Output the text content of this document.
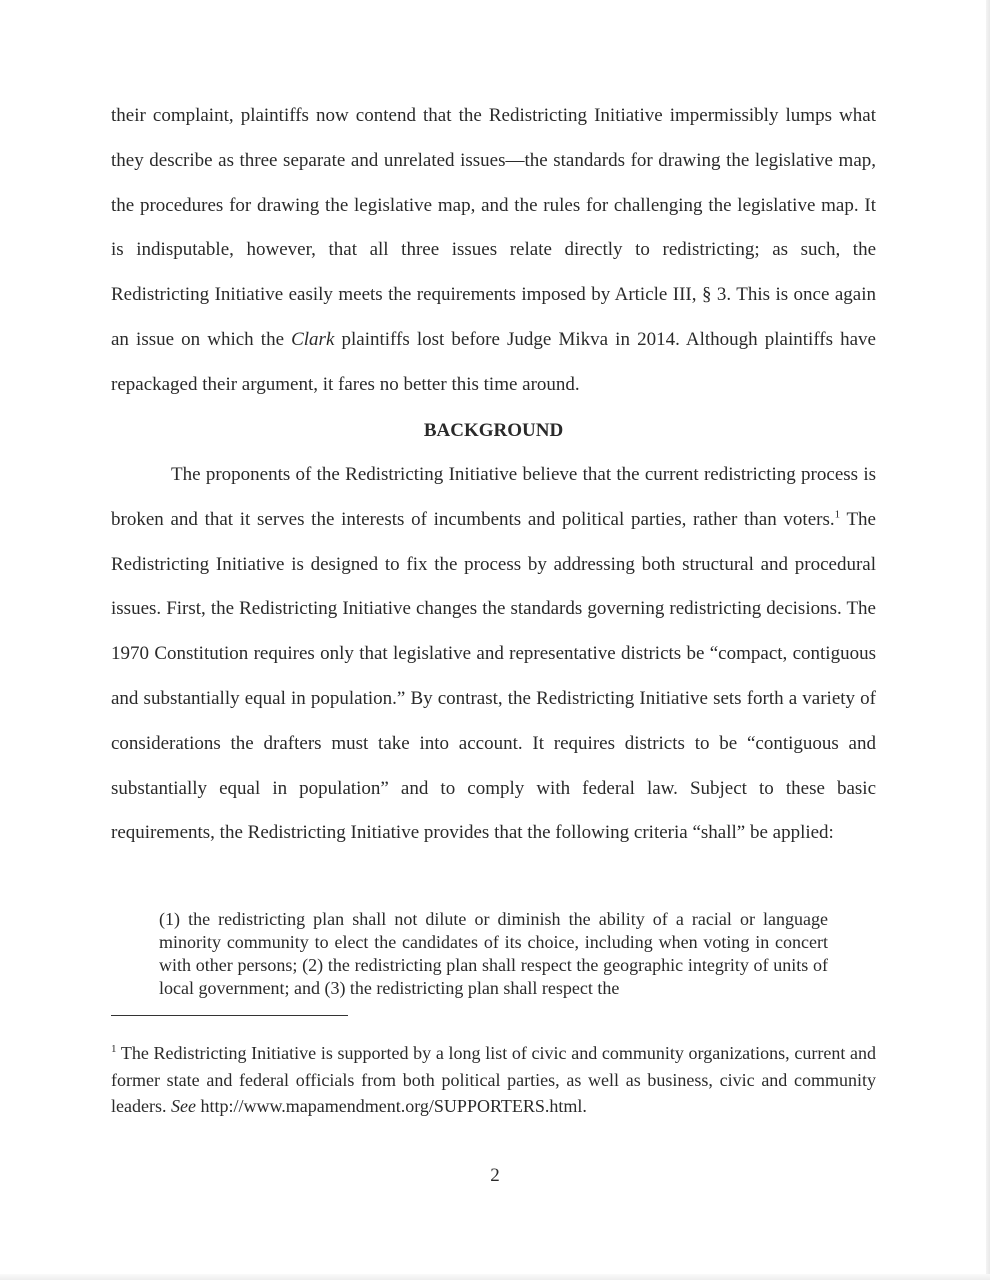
their complaint, plaintiffs now contend that the Redistricting Initiative impermissibly lumps what they describe as three separate and unrelated issues—the standards for drawing the legislative map, the procedures for drawing the legislative map, and the rules for challenging the legislative map. It is indisputable, however, that all three issues relate directly to redistricting; as such, the Redistricting Initiative easily meets the requirements imposed by Article III, § 3. This is once again an issue on which the Clark plaintiffs lost before Judge Mikva in 2014. Although plaintiffs have repackaged their argument, it fares no better this time around.

BACKGROUND

The proponents of the Redistricting Initiative believe that the current redistricting process is broken and that it serves the interests of incumbents and political parties, rather than voters.$^1$ The Redistricting Initiative is designed to fix the process by addressing both structural and procedural issues. First, the Redistricting Initiative changes the standards governing redistricting decisions. The 1970 Constitution requires only that legislative and representative districts be “compact, contiguous and substantially equal in population.” By contrast, the Redistricting Initiative sets forth a variety of considerations the drafters must take into account. It requires districts to be “contiguous and substantially equal in population” and to comply with federal law. Subject to these basic requirements, the Redistricting Initiative provides that the following criteria “shall” be applied:

(1) the redistricting plan shall not dilute or diminish the ability of a racial or language minority community to elect the candidates of its choice, including when voting in concert with other persons; (2) the redistricting plan shall respect the geographic integrity of units of local government; and (3) the redistricting plan shall respect the

$^1$ The Redistricting Initiative is supported by a long list of civic and community organizations, current and former state and federal officials from both political parties, as well as business, civic and community leaders. See http://www.mapamendment.org/SUPPORTERS.html.

2
